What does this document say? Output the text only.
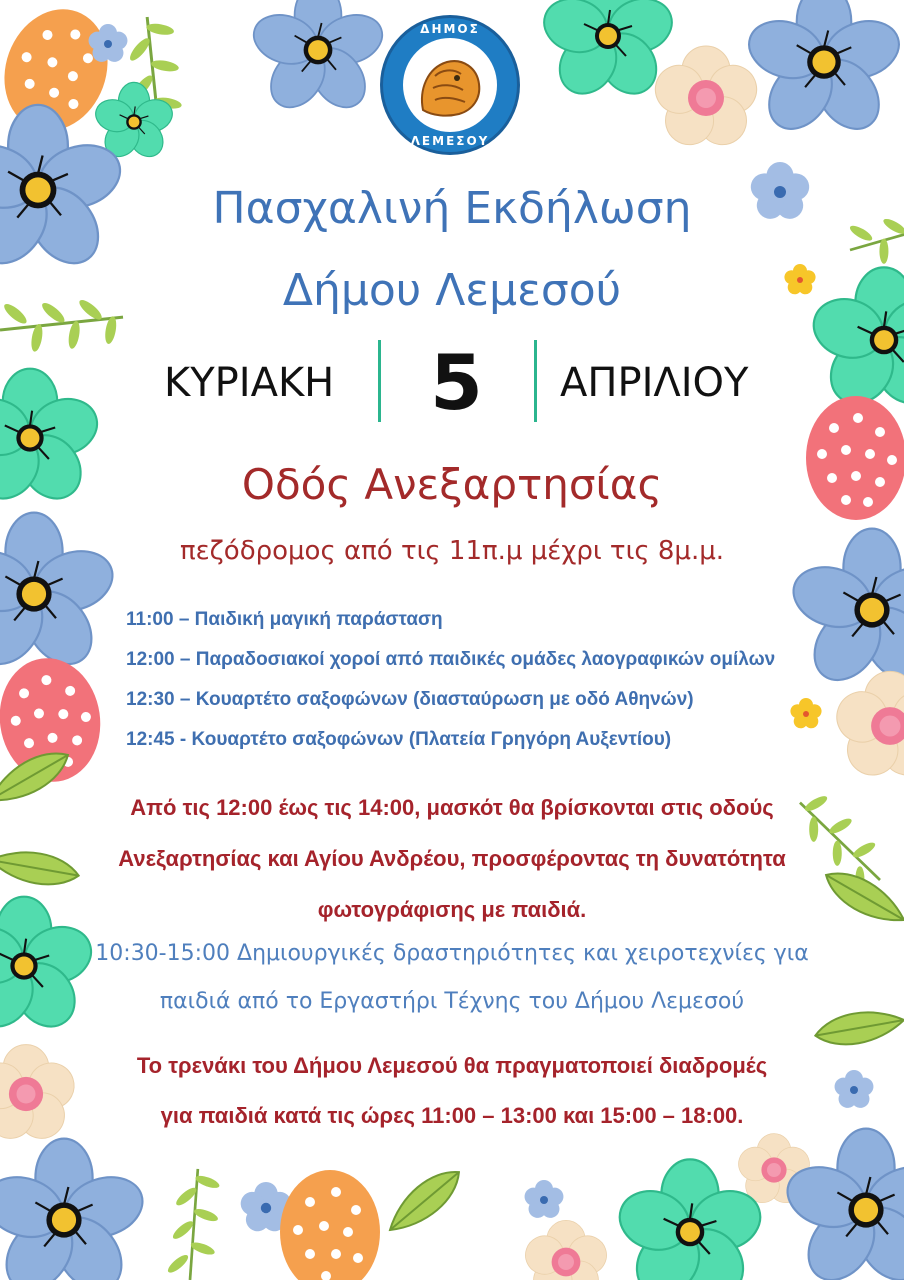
ΔΗΜΟΣ
ΛΕΜΕΣΟΥ
Πασχαλινή Εκδήλωση
Δήμου Λεμεσού
ΚΥΡΙΑΚΗ 5 ΑΠΡΙΛΙΟΥ
Οδός Ανεξαρτησίας
πεζόδρομος από τις 11π.μ μέχρι τις 8μ.μ.
11:00 – Παιδική μαγική παράσταση
12:00 – Παραδοσιακοί χοροί από παιδικές ομάδες λαογραφικών ομίλων
12:30 – Κουαρτέτο σαξοφώνων (διασταύρωση με οδό Αθηνών)
12:45 - Κουαρτέτο σαξοφώνων (Πλατεία Γρηγόρη Αυξεντίου)
Από τις 12:00 έως τις 14:00, μασκότ θα βρίσκονται στις οδούς
Ανεξαρτησίας και Αγίου Ανδρέου, προσφέροντας τη δυνατότητα
φωτογράφισης με παιδιά.
10:30-15:00 Δημιουργικές δραστηριότητες και χειροτεχνίες για
παιδιά από το Εργαστήρι Τέχνης του Δήμου Λεμεσού
Το τρενάκι του Δήμου Λεμεσού θα πραγματοποιεί διαδρομές
για παιδιά κατά τις ώρες 11:00 – 13:00 και 15:00 – 18:00.
